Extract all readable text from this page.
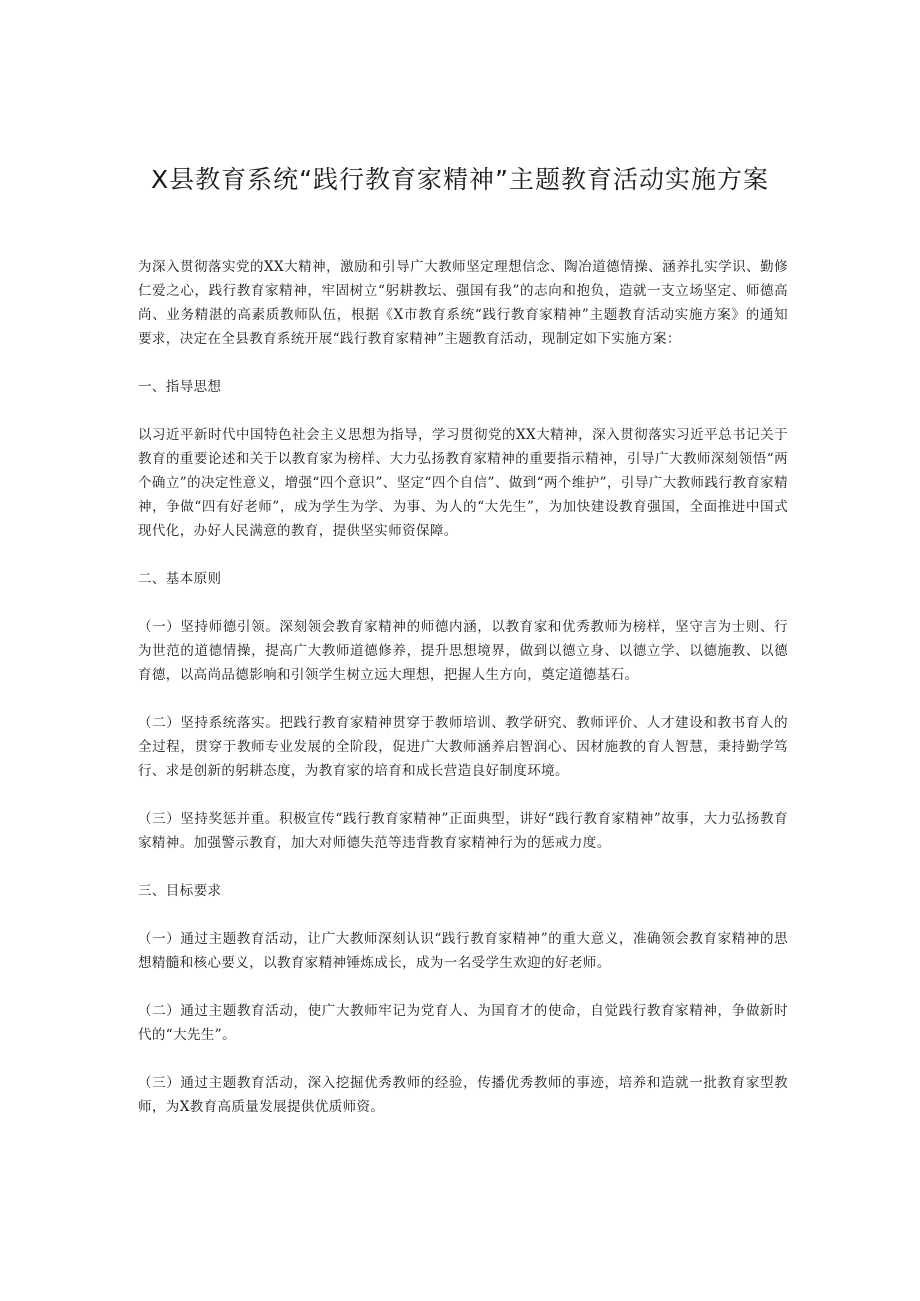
X县教育系统“践行教育家精神”主题教育活动实施方案

为深入贯彻落实党的XX大精神，激励和引导广大教师坚定理想信念、陶冶道德情操、涵养扎实学识、勤修仁爱之心，践行教育家精神，牢固树立“躬耕教坛、强国有我”的志向和抱负，造就一支立场坚定、师德高尚、业务精湛的高素质教师队伍，根据《X市教育系统“践行教育家精神”主题教育活动实施方案》的通知要求，决定在全县教育系统开展“践行教育家精神”主题教育活动，现制定如下实施方案：

一、指导思想

以习近平新时代中国特色社会主义思想为指导，学习贯彻党的XX大精神，深入贯彻落实习近平总书记关于教育的重要论述和关于以教育家为榜样、大力弘扬教育家精神的重要指示精神，引导广大教师深刻领悟“两个确立”的决定性意义，增强“四个意识”、坚定“四个自信”、做到“两个维护”，引导广大教师践行教育家精神，争做“四有好老师”，成为学生为学、为事、为人的“大先生”，为加快建设教育强国，全面推进中国式现代化，办好人民满意的教育，提供坚实师资保障。

二、基本原则

（一）坚持师德引领。深刻领会教育家精神的师德内涵，以教育家和优秀教师为榜样，坚守言为士则、行为世范的道德情操，提高广大教师道德修养，提升思想境界，做到以德立身、以德立学、以德施教、以德育德，以高尚品德影响和引领学生树立远大理想，把握人生方向，奠定道德基石。

（二）坚持系统落实。把践行教育家精神贯穿于教师培训、教学研究、教师评价、人才建设和教书育人的全过程，贯穿于教师专业发展的全阶段，促进广大教师涵养启智润心、因材施教的育人智慧，秉持勤学笃行、求是创新的躬耕态度，为教育家的培育和成长营造良好制度环境。

（三）坚持奖惩并重。积极宣传“践行教育家精神”正面典型，讲好“践行教育家精神”故事，大力弘扬教育家精神。加强警示教育，加大对师德失范等违背教育家精神行为的惩戒力度。

三、目标要求

（一）通过主题教育活动，让广大教师深刻认识“践行教育家精神”的重大意义，准确领会教育家精神的思想精髓和核心要义，以教育家精神锤炼成长，成为一名受学生欢迎的好老师。

（二）通过主题教育活动，使广大教师牢记为党育人、为国育才的使命，自觉践行教育家精神，争做新时代的“大先生”。

（三）通过主题教育活动，深入挖掘优秀教师的经验，传播优秀教师的事迹，培养和造就一批教育家型教师，为X教育高质量发展提供优质师资。
